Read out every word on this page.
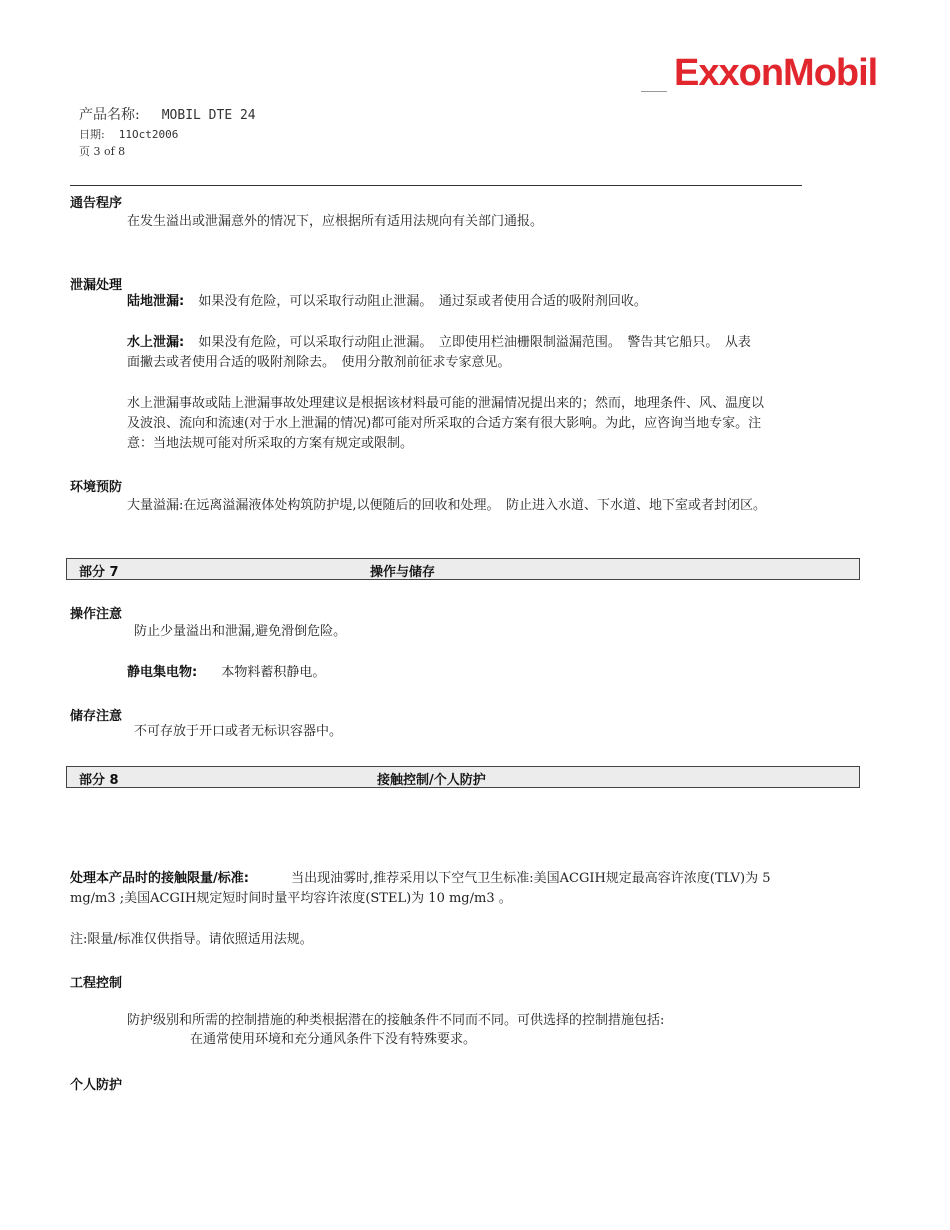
ExxonMobil
产品名称: MOBIL DTE 24
日期: 11Oct2006
页 3 of 8
通告程序
在发生溢出或泄漏意外的情况下，应根据所有适用法规向有关部门通报。
泄漏处理
陆地泄漏: 如果没有危险，可以采取行动阻止泄漏。　通过泵或者使用合适的吸附剂回收。
水上泄漏: 如果没有危险，可以采取行动阻止泄漏。　立即使用栏油栅限制溢漏范围。　警告其它船只。　从表
面撇去或者使用合适的吸附剂除去。　使用分散剂前征求专家意见。
水上泄漏事故或陆上泄漏事故处理建议是根据该材料最可能的泄漏情况提出来的；然而，地理条件、风、温度以
及波浪、流向和流速(对于水上泄漏的情况)都可能对所采取的合适方案有很大影响。为此，应咨询当地专家。注
意：当地法规可能对所采取的方案有规定或限制。
环境预防
大量溢漏:在远离溢漏液体处构筑防护堤,以便随后的回收和处理。　防止进入水道、下水道、地下室或者封闭区。
部分 7	操作与储存
操作注意
防止少量溢出和泄漏,避免滑倒危险。
静电集电物: 本物料蓄积静电。
储存注意
不可存放于开口或者无标识容器中。
部分 8	接触控制/个人防护
处理本产品时的接触限量/标准:	当出现油雾时,推荐采用以下空气卫生标准:美国ACGIH规定最高容许浓度(TLV)为 5
mg/m3 ;美国ACGIH规定短时间时量平均容许浓度(STEL)为 10 mg/m3 。
注:限量/标准仅供指导。请依照适用法规。
工程控制
防护级别和所需的控制措施的种类根据潜在的接触条件不同而不同。可供选择的控制措施包括:
在通常使用环境和充分通风条件下没有特殊要求。
个人防护
